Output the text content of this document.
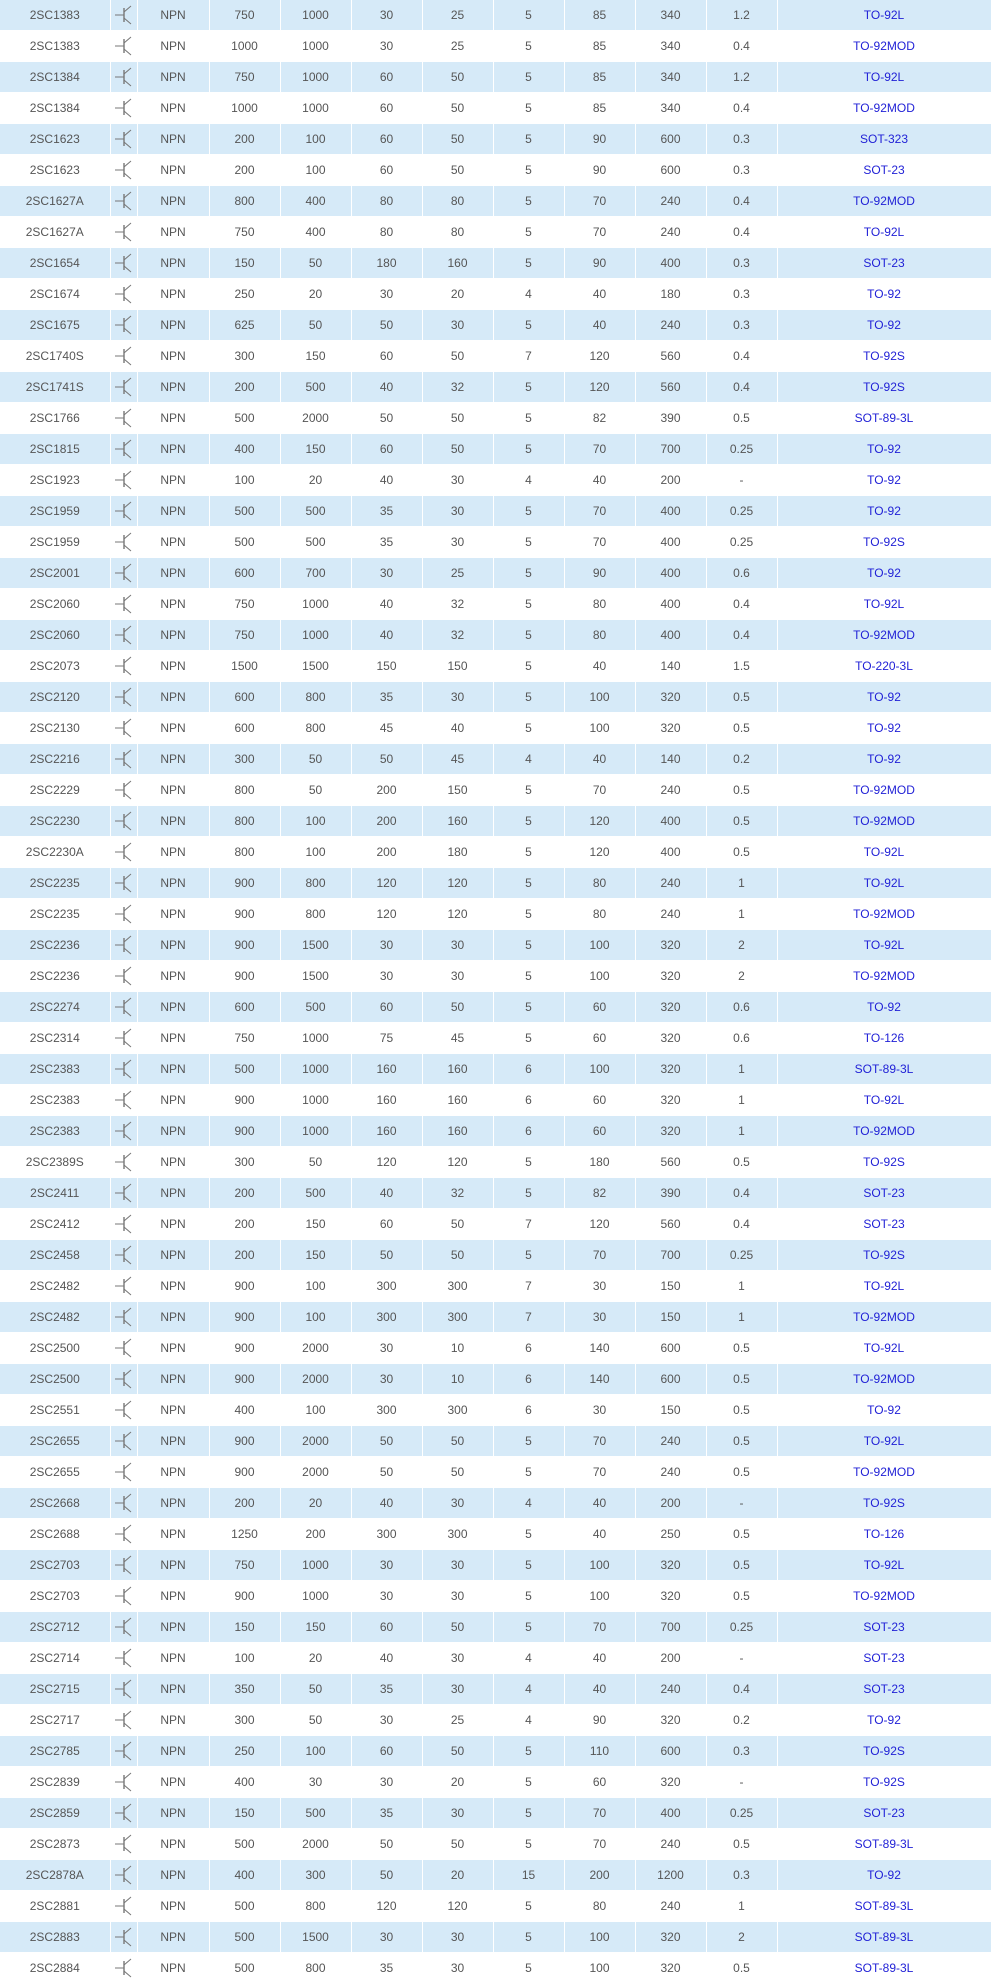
2SC1383		NPN	750	1000	30	25	5	85	340	1.2	TO-92L
2SC1383		NPN	1000	1000	30	25	5	85	340	0.4	TO-92MOD
2SC1384		NPN	750	1000	60	50	5	85	340	1.2	TO-92L
2SC1384		NPN	1000	1000	60	50	5	85	340	0.4	TO-92MOD
2SC1623		NPN	200	100	60	50	5	90	600	0.3	SOT-323
2SC1623		NPN	200	100	60	50	5	90	600	0.3	SOT-23
2SC1627A		NPN	800	400	80	80	5	70	240	0.4	TO-92MOD
2SC1627A		NPN	750	400	80	80	5	70	240	0.4	TO-92L
2SC1654		NPN	150	50	180	160	5	90	400	0.3	SOT-23
2SC1674		NPN	250	20	30	20	4	40	180	0.3	TO-92
2SC1675		NPN	625	50	50	30	5	40	240	0.3	TO-92
2SC1740S		NPN	300	150	60	50	7	120	560	0.4	TO-92S
2SC1741S		NPN	200	500	40	32	5	120	560	0.4	TO-92S
2SC1766		NPN	500	2000	50	50	5	82	390	0.5	SOT-89-3L
2SC1815		NPN	400	150	60	50	5	70	700	0.25	TO-92
2SC1923		NPN	100	20	40	30	4	40	200	-	TO-92
2SC1959		NPN	500	500	35	30	5	70	400	0.25	TO-92
2SC1959		NPN	500	500	35	30	5	70	400	0.25	TO-92S
2SC2001		NPN	600	700	30	25	5	90	400	0.6	TO-92
2SC2060		NPN	750	1000	40	32	5	80	400	0.4	TO-92L
2SC2060		NPN	750	1000	40	32	5	80	400	0.4	TO-92MOD
2SC2073		NPN	1500	1500	150	150	5	40	140	1.5	TO-220-3L
2SC2120		NPN	600	800	35	30	5	100	320	0.5	TO-92
2SC2130		NPN	600	800	45	40	5	100	320	0.5	TO-92
2SC2216		NPN	300	50	50	45	4	40	140	0.2	TO-92
2SC2229		NPN	800	50	200	150	5	70	240	0.5	TO-92MOD
2SC2230		NPN	800	100	200	160	5	120	400	0.5	TO-92MOD
2SC2230A		NPN	800	100	200	180	5	120	400	0.5	TO-92L
2SC2235		NPN	900	800	120	120	5	80	240	1	TO-92L
2SC2235		NPN	900	800	120	120	5	80	240	1	TO-92MOD
2SC2236		NPN	900	1500	30	30	5	100	320	2	TO-92L
2SC2236		NPN	900	1500	30	30	5	100	320	2	TO-92MOD
2SC2274		NPN	600	500	60	50	5	60	320	0.6	TO-92
2SC2314		NPN	750	1000	75	45	5	60	320	0.6	TO-126
2SC2383		NPN	500	1000	160	160	6	100	320	1	SOT-89-3L
2SC2383		NPN	900	1000	160	160	6	60	320	1	TO-92L
2SC2383		NPN	900	1000	160	160	6	60	320	1	TO-92MOD
2SC2389S		NPN	300	50	120	120	5	180	560	0.5	TO-92S
2SC2411		NPN	200	500	40	32	5	82	390	0.4	SOT-23
2SC2412		NPN	200	150	60	50	7	120	560	0.4	SOT-23
2SC2458		NPN	200	150	50	50	5	70	700	0.25	TO-92S
2SC2482		NPN	900	100	300	300	7	30	150	1	TO-92L
2SC2482		NPN	900	100	300	300	7	30	150	1	TO-92MOD
2SC2500		NPN	900	2000	30	10	6	140	600	0.5	TO-92L
2SC2500		NPN	900	2000	30	10	6	140	600	0.5	TO-92MOD
2SC2551		NPN	400	100	300	300	6	30	150	0.5	TO-92
2SC2655		NPN	900	2000	50	50	5	70	240	0.5	TO-92L
2SC2655		NPN	900	2000	50	50	5	70	240	0.5	TO-92MOD
2SC2668		NPN	200	20	40	30	4	40	200	-	TO-92S
2SC2688		NPN	1250	200	300	300	5	40	250	0.5	TO-126
2SC2703		NPN	750	1000	30	30	5	100	320	0.5	TO-92L
2SC2703		NPN	900	1000	30	30	5	100	320	0.5	TO-92MOD
2SC2712		NPN	150	150	60	50	5	70	700	0.25	SOT-23
2SC2714		NPN	100	20	40	30	4	40	200	-	SOT-23
2SC2715		NPN	350	50	35	30	4	40	240	0.4	SOT-23
2SC2717		NPN	300	50	30	25	4	90	320	0.2	TO-92
2SC2785		NPN	250	100	60	50	5	110	600	0.3	TO-92S
2SC2839		NPN	400	30	30	20	5	60	320	-	TO-92S
2SC2859		NPN	150	500	35	30	5	70	400	0.25	SOT-23
2SC2873		NPN	500	2000	50	50	5	70	240	0.5	SOT-89-3L
2SC2878A		NPN	400	300	50	20	15	200	1200	0.3	TO-92
2SC2881		NPN	500	800	120	120	5	80	240	1	SOT-89-3L
2SC2883		NPN	500	1500	30	30	5	100	320	2	SOT-89-3L
2SC2884		NPN	500	800	35	30	5	100	320	0.5	SOT-89-3L
